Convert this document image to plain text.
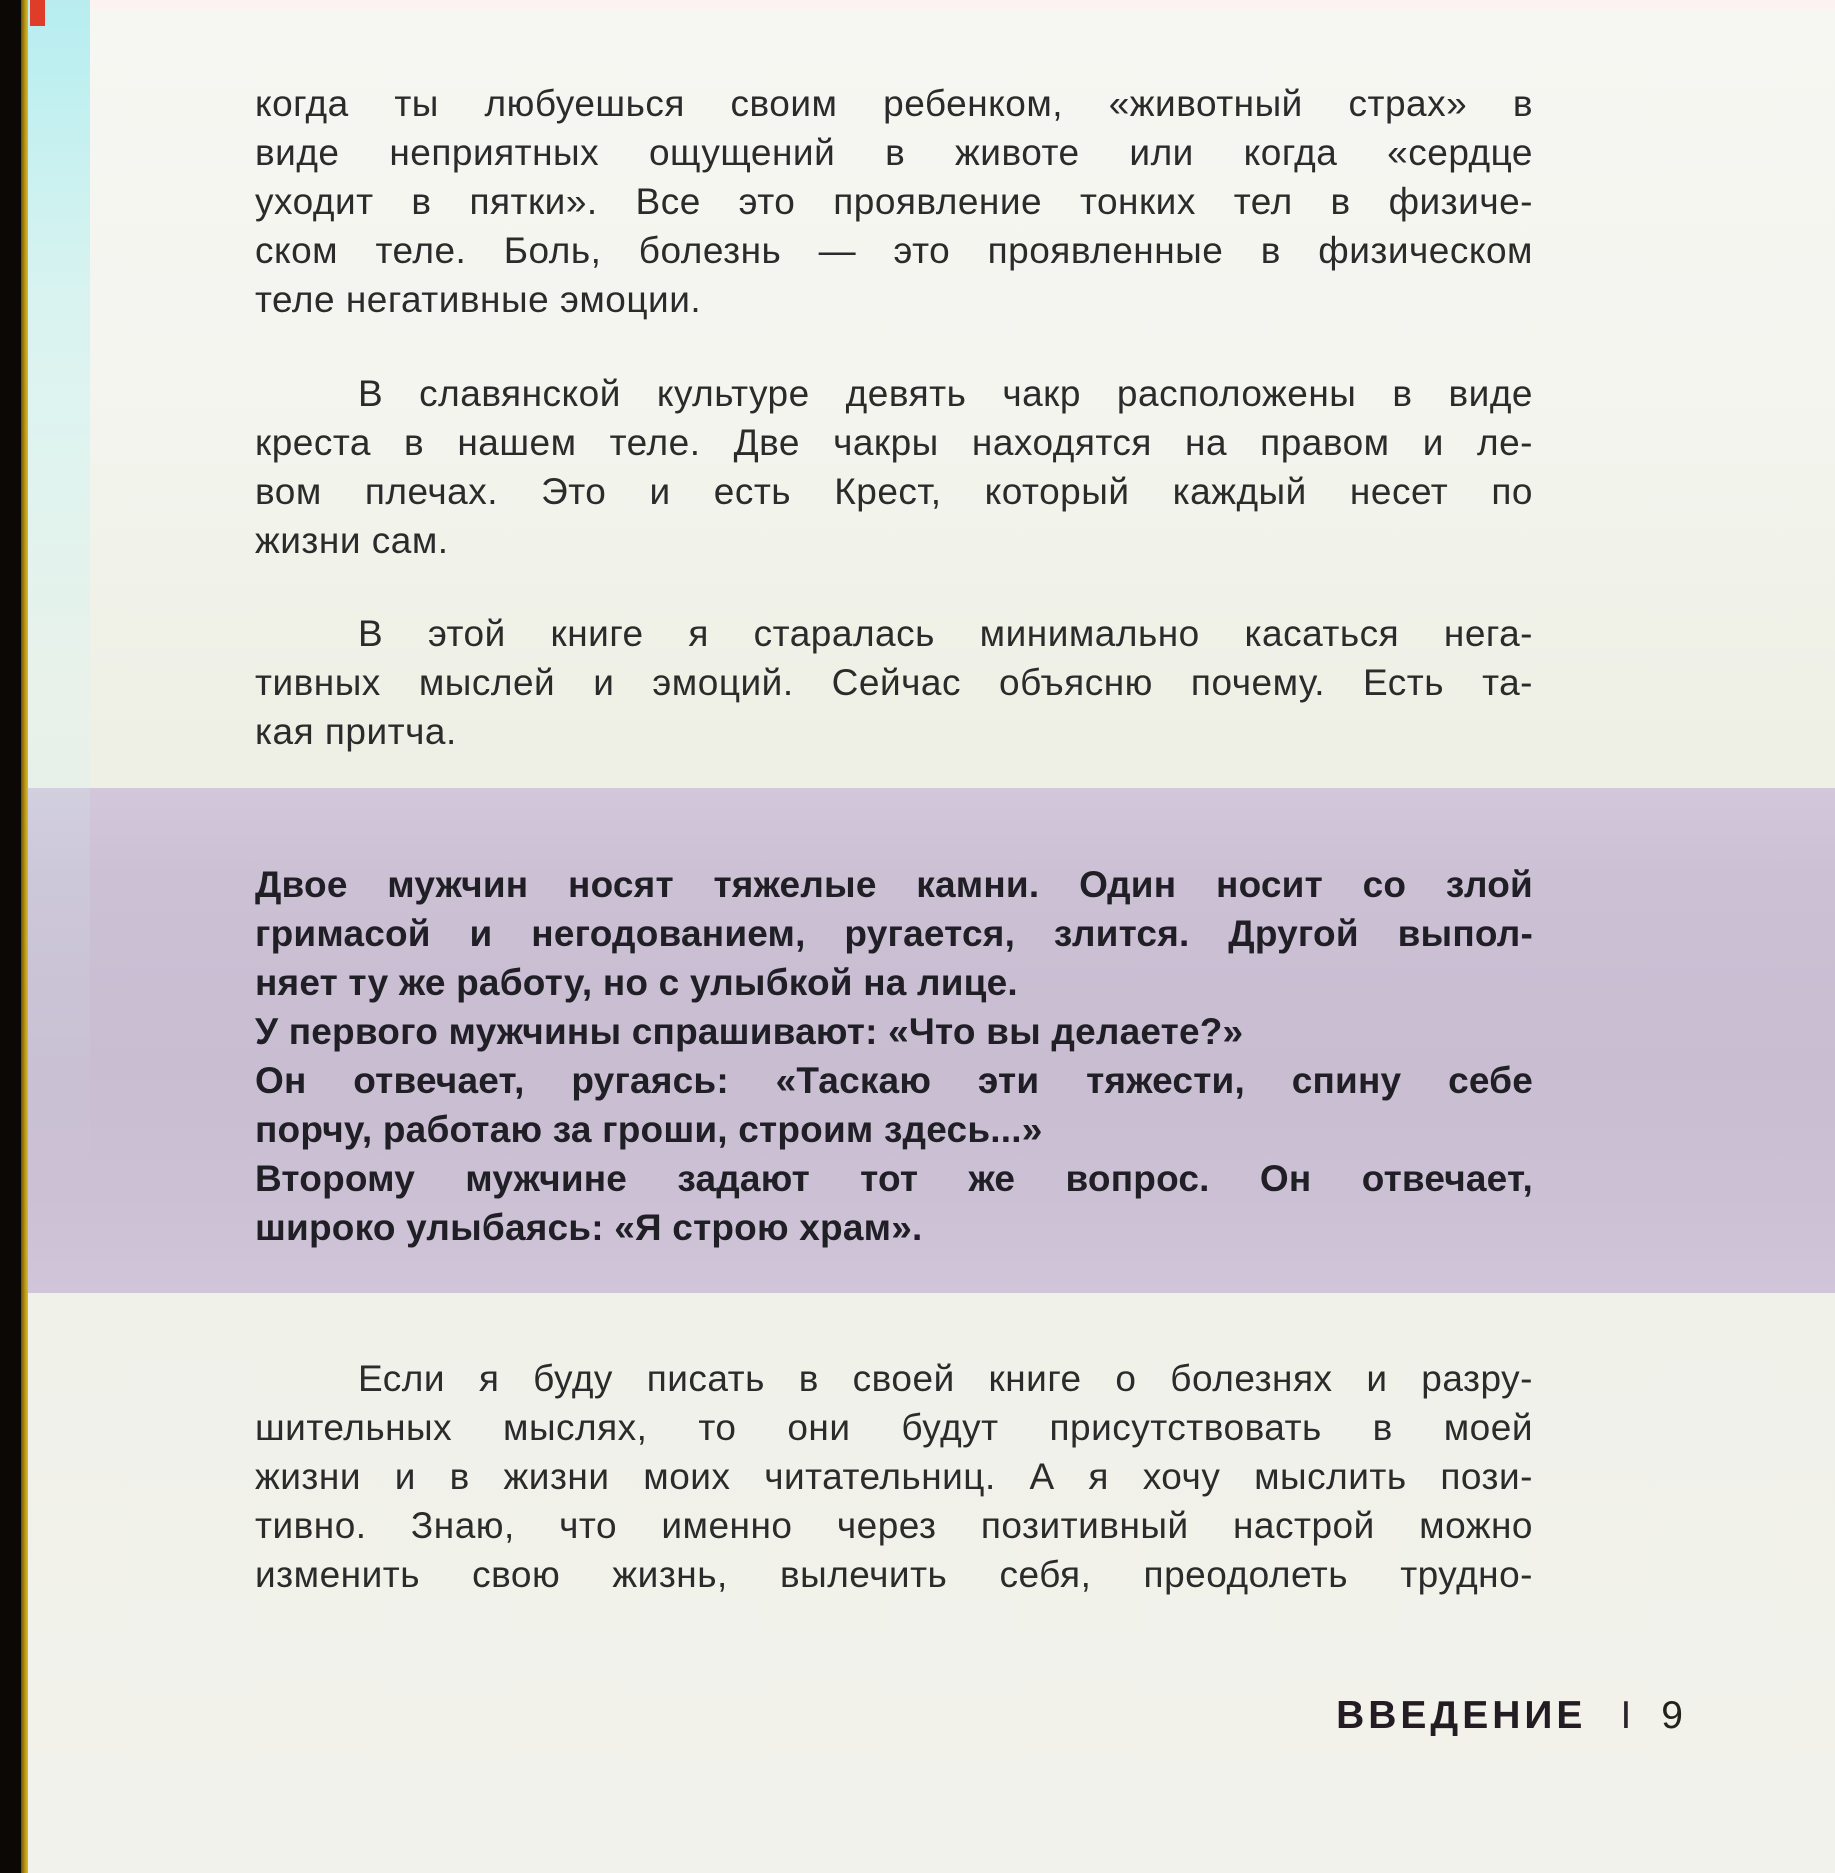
когда ты любуешься своим ребенком, «животный страх» в
виде неприятных ощущений в животе или когда «сердце
уходит в пятки». Все это проявление тонких тел в физиче-
ском теле. Боль, болезнь — это проявленные в физическом
теле негативные эмоции.
В славянской культуре девять чакр расположены в виде
креста в нашем теле. Две чакры находятся на правом и ле-
вом плечах. Это и есть Крест, который каждый несет по
жизни сам.
В этой книге я старалась минимально касаться нега-
тивных мыслей и эмоций. Сейчас объясню почему. Есть та-
кая притча.
Двое мужчин носят тяжелые камни. Один носит со злой
гримасой и негодованием, ругается, злится. Другой выпол-
няет ту же работу, но с улыбкой на лице.
У первого мужчины спрашивают: «Что вы делаете?»
Он отвечает, ругаясь: «Таскаю эти тяжести, спину себе
порчу, работаю за гроши, строим здесь...»
Второму мужчине задают тот же вопрос. Он отвечает,
широко улыбаясь: «Я строю храм».
Если я буду писать в своей книге о болезнях и разру-
шительных мыслях, то они будут присутствовать в моей
жизни и в жизни моих читательниц. А я хочу мыслить пози-
тивно. Знаю, что именно через позитивный настрой можно
изменить свою жизнь, вылечить себя, преодолеть трудно-
ВВЕДЕНИЕ I 9
